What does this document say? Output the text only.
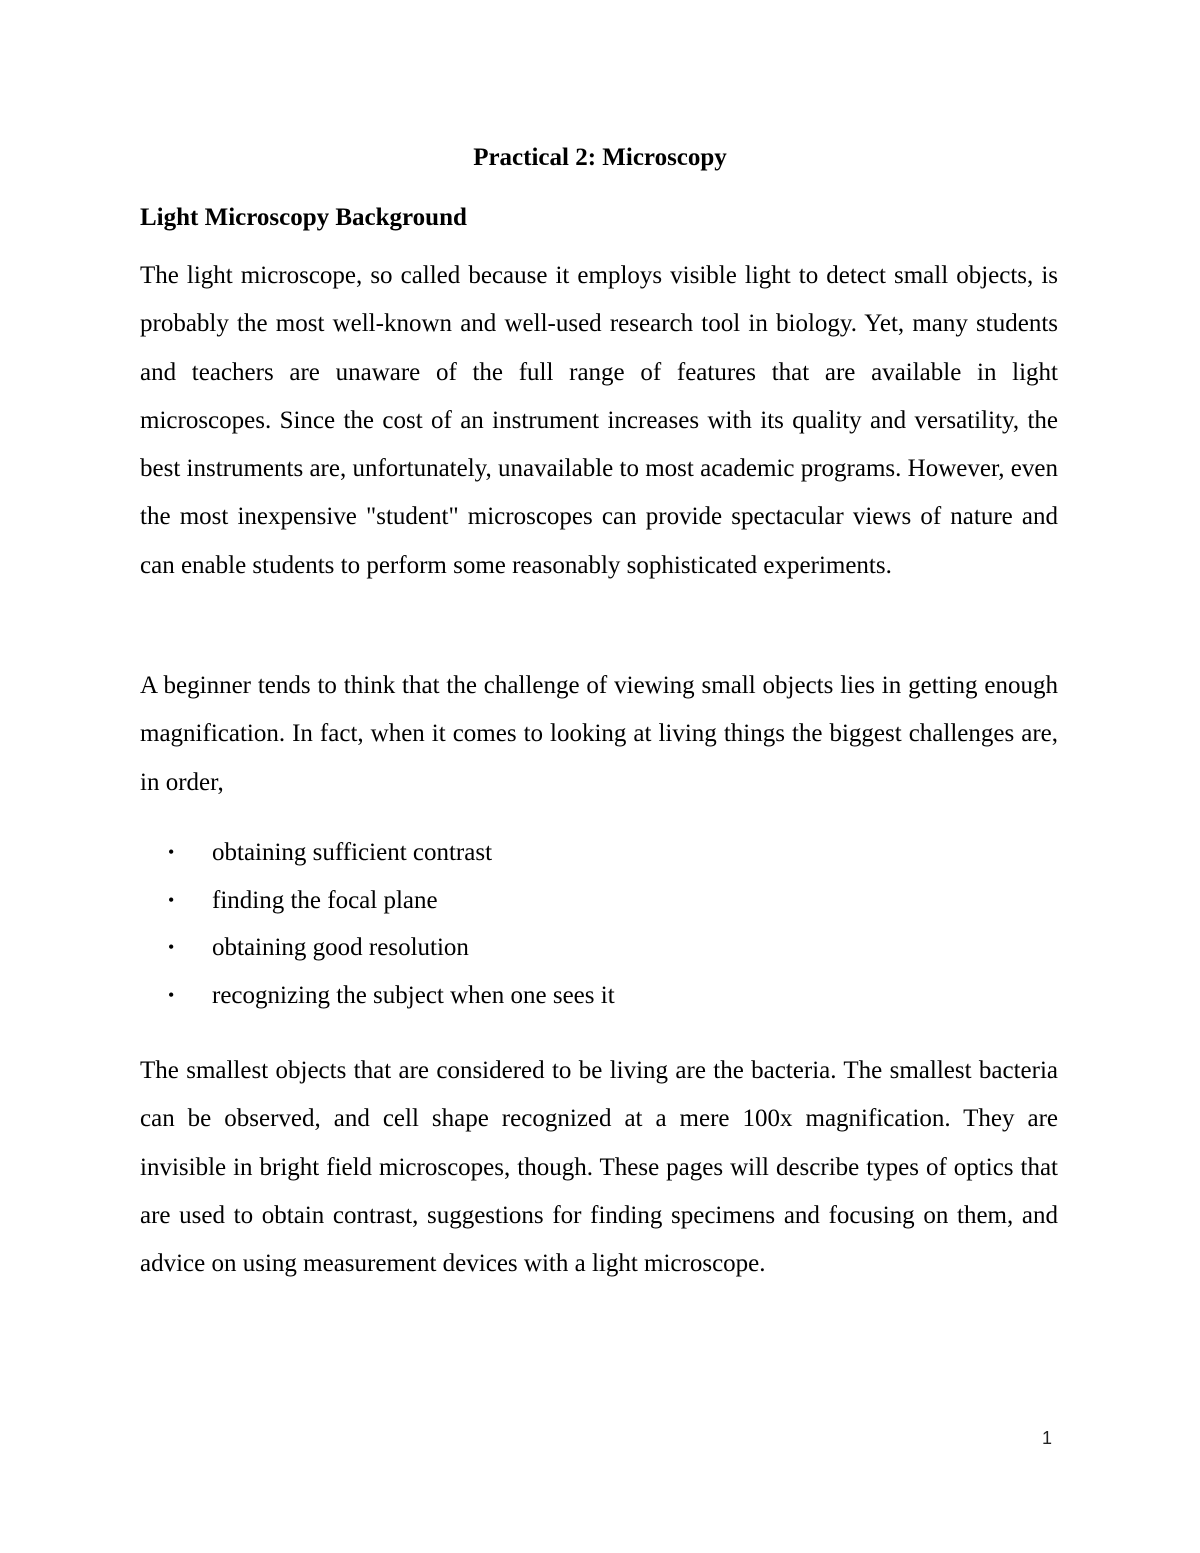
Practical 2: Microscopy
Light Microscopy Background

The light microscope, so called because it employs visible light to detect small objects, is probably the most well-known and well-used research tool in biology. Yet, many students and teachers are unaware of the full range of features that are available in light microscopes. Since the cost of an instrument increases with its quality and versatility, the best instruments are, unfortunately, unavailable to most academic programs. However, even the most inexpensive "student" microscopes can provide spectacular views of nature and can enable students to perform some reasonably sophisticated experiments.

A beginner tends to think that the challenge of viewing small objects lies in getting enough magnification. In fact, when it comes to looking at living things the biggest challenges are, in order,

• obtaining sufficient contrast
• finding the focal plane
• obtaining good resolution
• recognizing the subject when one sees it

The smallest objects that are considered to be living are the bacteria. The smallest bacteria can be observed, and cell shape recognized at a mere 100x magnification. They are invisible in bright field microscopes, though. These pages will describe types of optics that are used to obtain contrast, suggestions for finding specimens and focusing on them, and advice on using measurement devices with a light microscope.

1
